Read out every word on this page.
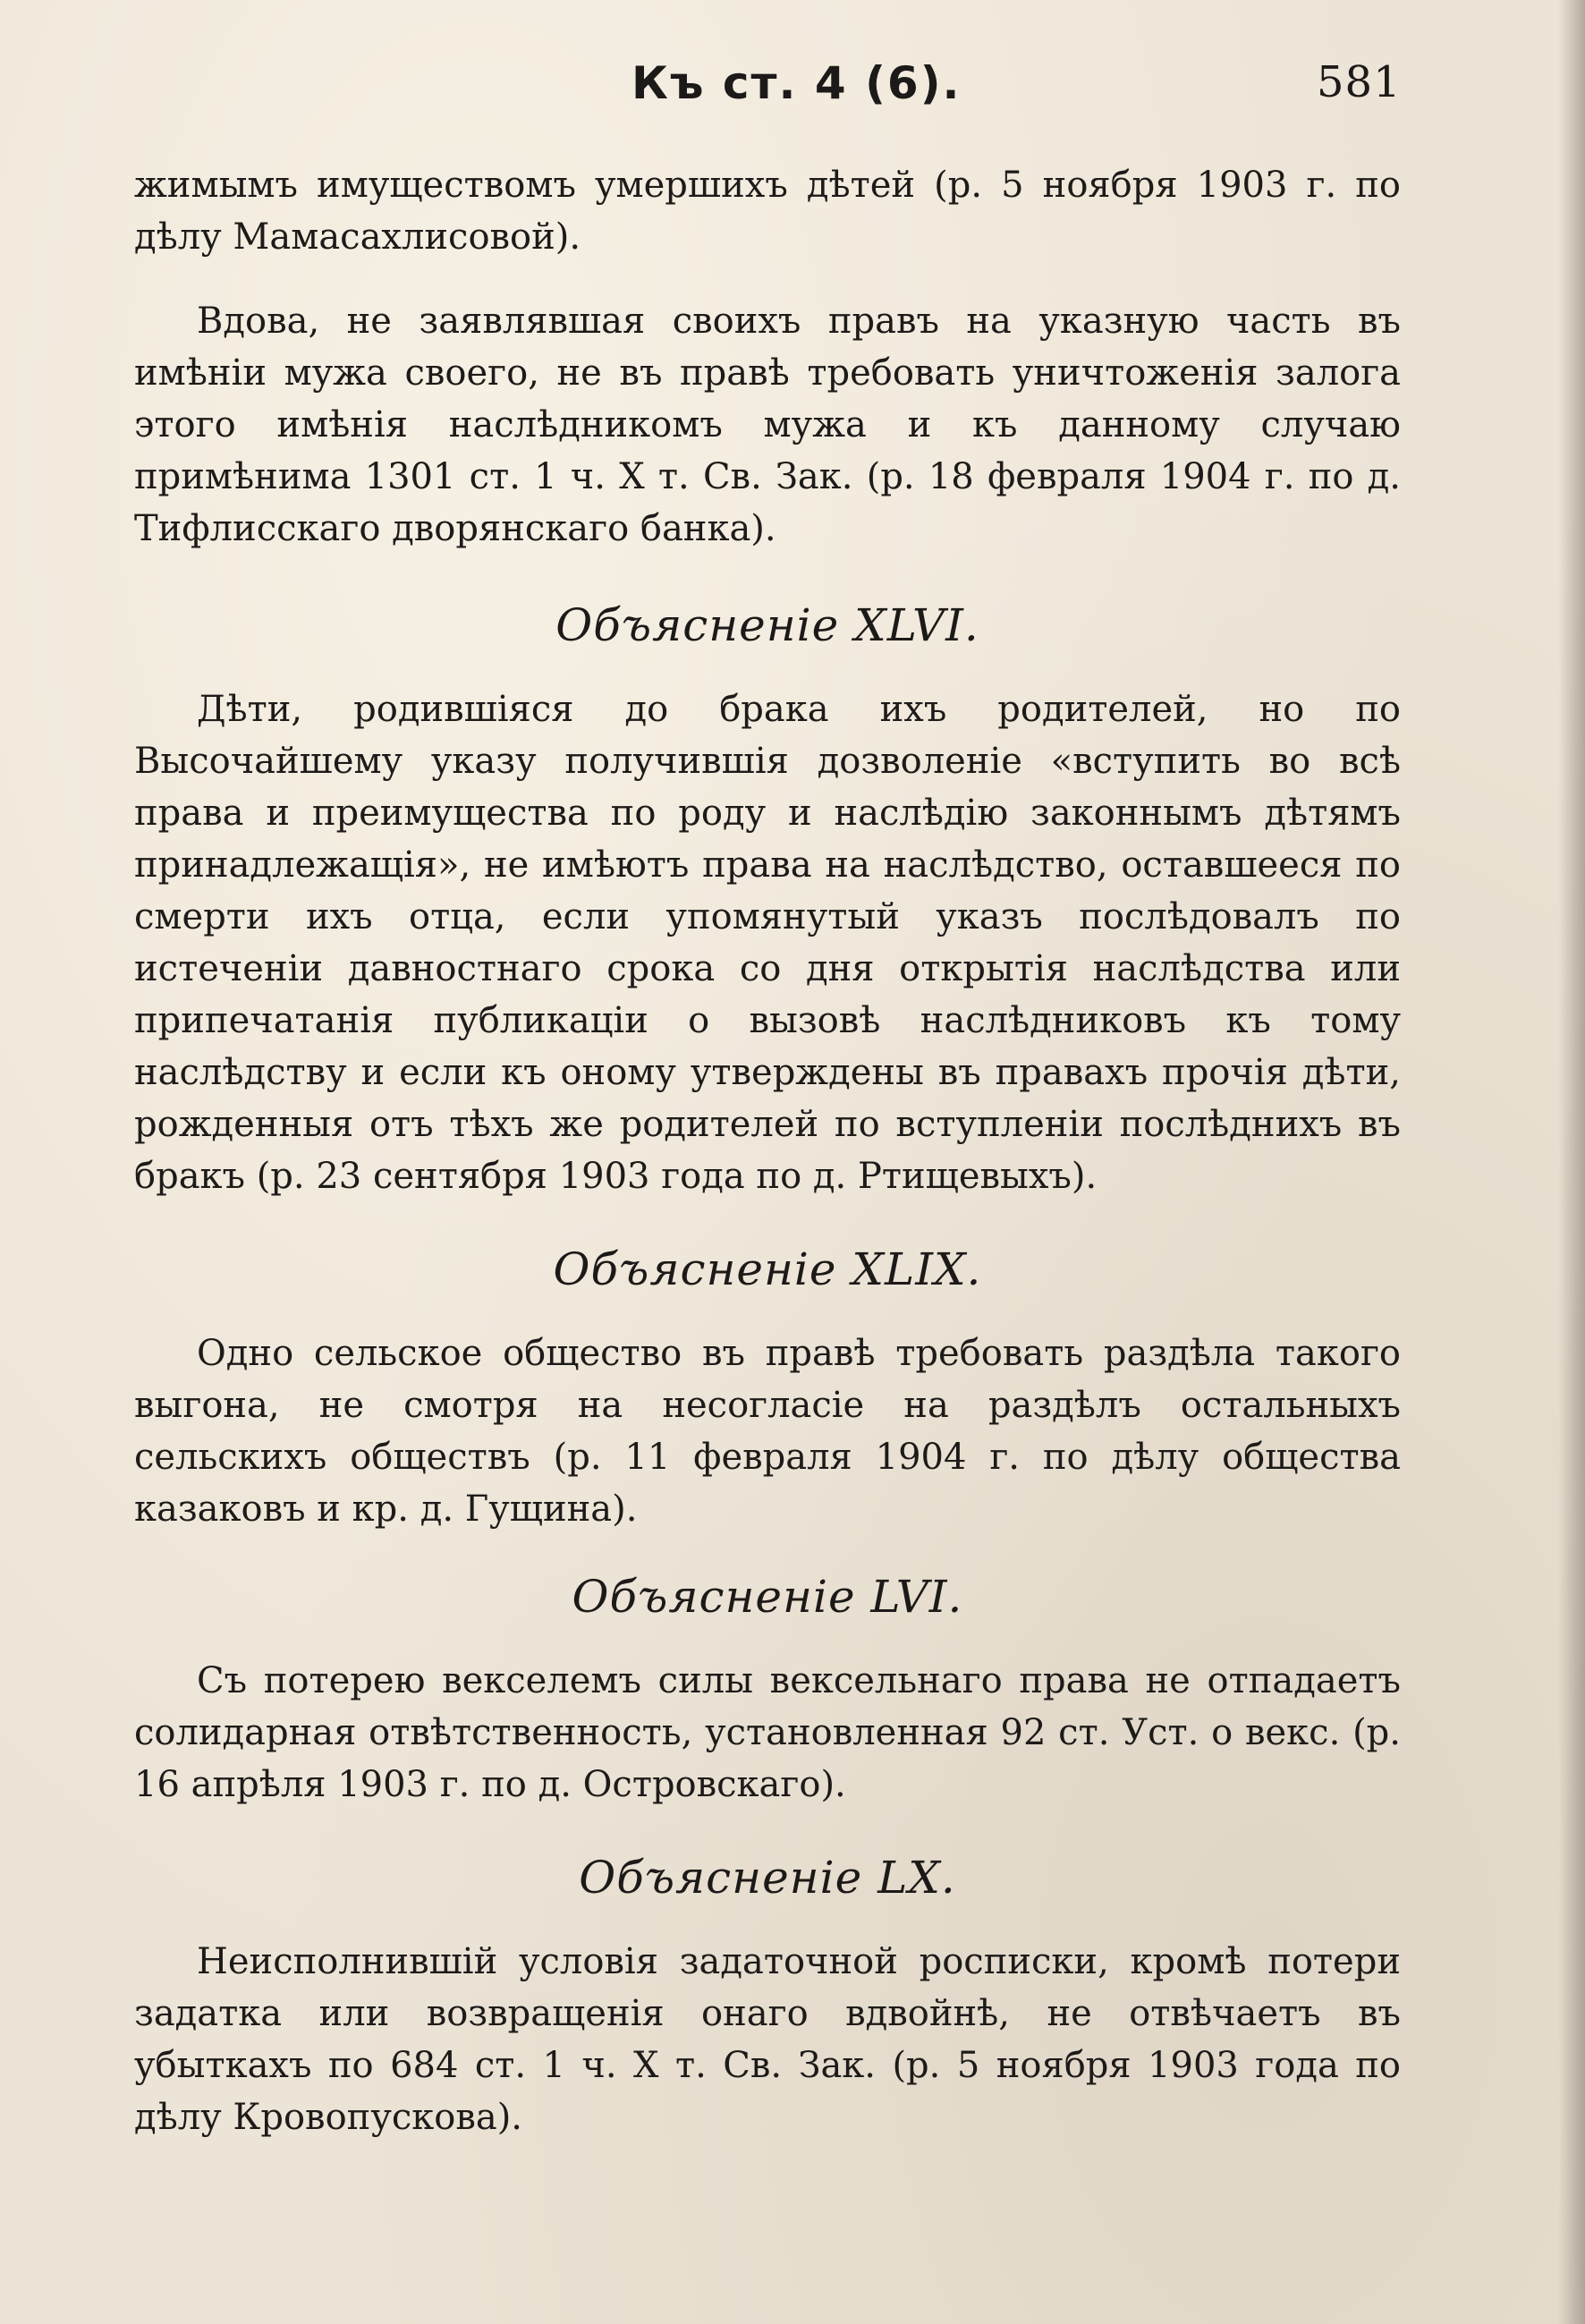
Къ ст. 4 (6).	581

жимымъ имуществомъ умершихъ дѣтей (р. 5 ноября 1903 г. по дѣлу Мамасахлисовой).

Вдова, не заявлявшая своихъ правъ на указную часть въ имѣніи мужа своего, не въ правѣ требовать уничтоженія залога этого имѣнія наслѣдникомъ мужа и къ данному случаю примѣнима 1301 ст. 1 ч. X т. Св. Зак. (р. 18 февраля 1904 г. по д. Тифлисскаго дворянскаго банка).

Объясненіе XLVI.

Дѣти, родившіяся до брака ихъ родителей, но по Высочайшему указу получившія дозволеніе «вступить во всѣ права и преимущества по роду и наслѣдію законнымъ дѣтямъ принадлежащія», не имѣютъ права на наслѣдство, оставшееся по смерти ихъ отца, если упомянутый указъ послѣдовалъ по истеченіи давностнаго срока со дня открытія наслѣдства или припечатанія публикаціи о вызовѣ наслѣдниковъ къ тому наслѣдству и если къ оному утверждены въ правахъ прочія дѣти, рожденныя отъ тѣхъ же родителей по вступленіи послѣднихъ въ бракъ (р. 23 сентября 1903 года по д. Ртищевыхъ).

Объясненіе XLIX.

Одно сельское общество въ правѣ требовать раздѣла такого выгона, не смотря на несогласіе на раздѣлъ остальныхъ сельскихъ обществъ (р. 11 февраля 1904 г. по дѣлу общества казаковъ и кр. д. Гущина).

Объясненіе LVI.

Съ потерею векселемъ силы вексельнаго права не отпадаетъ солидарная отвѣтственность, установленная 92 ст. Уст. о векс. (р. 16 апрѣля 1903 г. по д. Островскаго).

Объясненіе LX.

Неисполнившій условія задаточной росписки, кромѣ потери задатка или возвращенія онаго вдвойнѣ, не отвѣчаетъ въ убыткахъ по 684 ст. 1 ч. X т. Св. Зак. (р. 5 ноября 1903 года по дѣлу Кровопускова).
